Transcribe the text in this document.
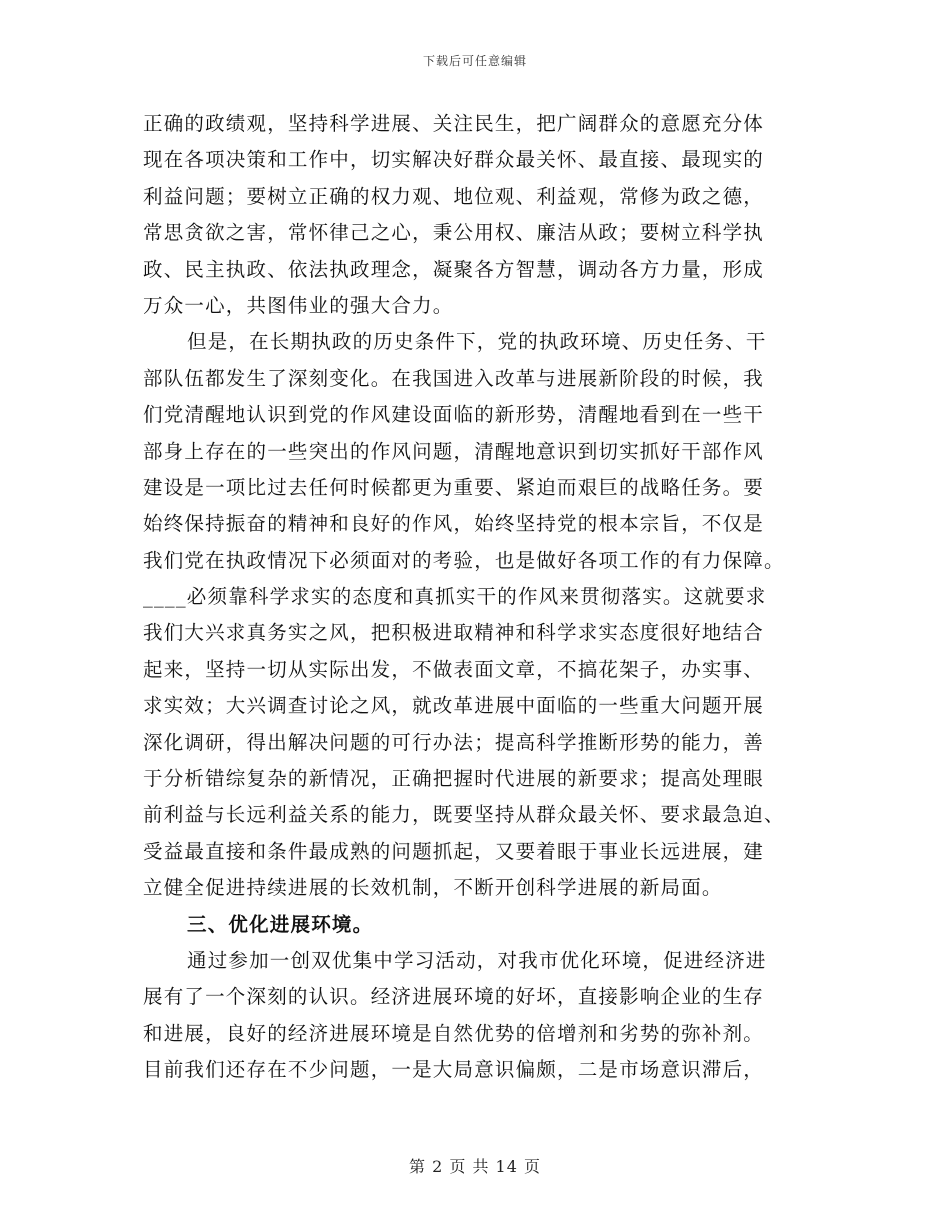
下载后可任意编辑
正确的政绩观，坚持科学进展、关注民生，把广阔群众的意愿充分体
现在各项决策和工作中，切实解决好群众最关怀、最直接、最现实的
利益问题；要树立正确的权力观、地位观、利益观，常修为政之德，
常思贪欲之害，常怀律己之心，秉公用权、廉洁从政；要树立科学执
政、民主执政、依法执政理念，凝聚各方智慧，调动各方力量，形成
万众一心，共图伟业的强大合力。
但是，在长期执政的历史条件下，党的执政环境、历史任务、干
部队伍都发生了深刻变化。在我国进入改革与进展新阶段的时候，我
们党清醒地认识到党的作风建设面临的新形势，清醒地看到在一些干
部身上存在的一些突出的作风问题，清醒地意识到切实抓好干部作风
建设是一项比过去任何时候都更为重要、紧迫而艰巨的战略任务。要
始终保持振奋的精神和良好的作风，始终坚持党的根本宗旨，不仅是
我们党在执政情况下必须面对的考验，也是做好各项工作的有力保障。
____必须靠科学求实的态度和真抓实干的作风来贯彻落实。这就要求
我们大兴求真务实之风，把积极进取精神和科学求实态度很好地结合
起来，坚持一切从实际出发，不做表面文章，不搞花架子，办实事、
求实效；大兴调查讨论之风，就改革进展中面临的一些重大问题开展
深化调研，得出解决问题的可行办法；提高科学推断形势的能力，善
于分析错综复杂的新情况，正确把握时代进展的新要求；提高处理眼
前利益与长远利益关系的能力，既要坚持从群众最关怀、要求最急迫、
受益最直接和条件最成熟的问题抓起，又要着眼于事业长远进展，建
立健全促进持续进展的长效机制，不断开创科学进展的新局面。
三、优化进展环境。
通过参加一创双优集中学习活动，对我市优化环境，促进经济进
展有了一个深刻的认识。经济进展环境的好坏，直接影响企业的生存
和进展，良好的经济进展环境是自然优势的倍增剂和劣势的弥补剂。
目前我们还存在不少问题，一是大局意识偏颇，二是市场意识滞后，
第 2 页 共 14 页
